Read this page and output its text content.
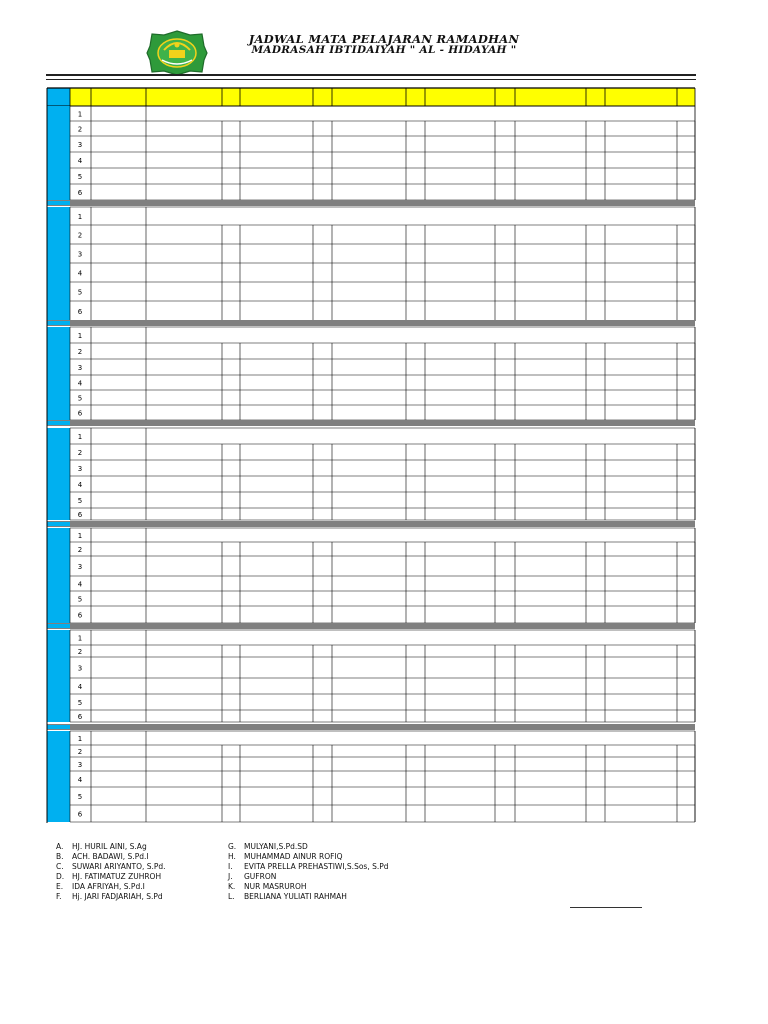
JADWAL MATA PELAJARAN RAMADHAN
MADRASAH IBTIDAIYAH " AL - HIDAYAH "
1
2
3
4
5
6
1
2
3
4
5
6
1
2
3
4
5
6
1
2
3
4
5
6
1
2
3
4
5
6
1
2
3
4
5
6
1
2
3
4
5
6
A. HJ. HURIL AINI, S.Ag
B. ACH. BADAWI, S.Pd.I
C. SUWARI ARIYANTO, S.Pd.
D. HJ. FATIMATUZ ZUHROH
E. IDA AFRIYAH, S.Pd.I
F. Hj. JARI FADJARIAH, S.Pd
G. MULYANI,S.Pd.SD
H. MUHAMMAD AINUR ROFIQ
I. EVITA PRELLA PREHASTIWI,S.Sos, S.Pd
J. GUFRON
K. NUR MASRUROH
L. BERLIANA YULIATI RAHMAH
